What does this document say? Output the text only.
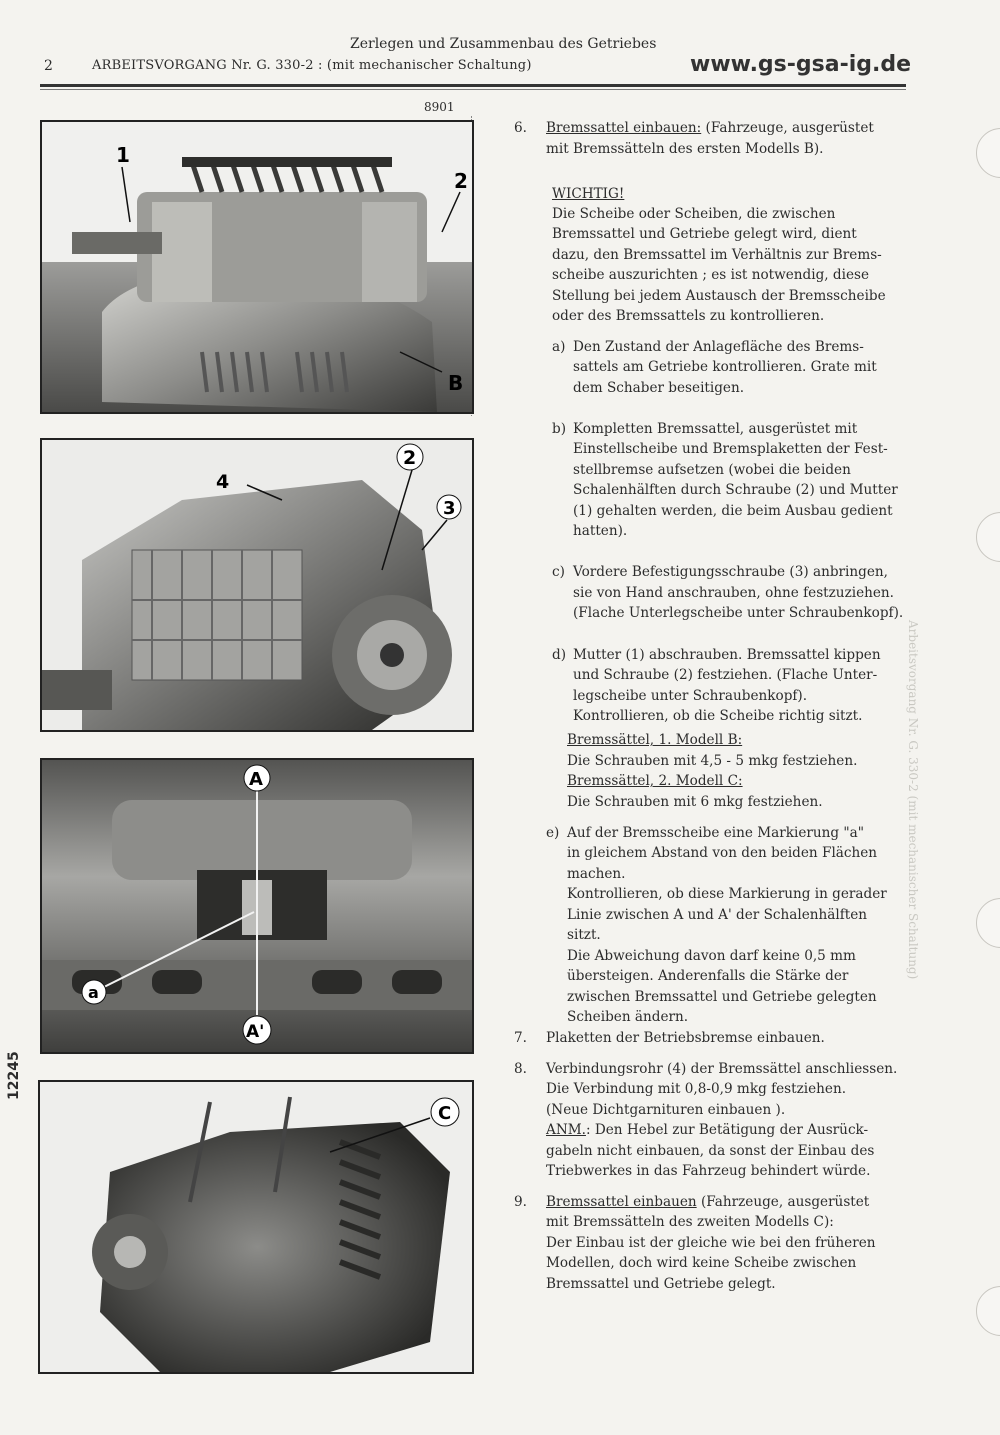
Zerlegen und Zusammenbau des Getriebes
2	ARBEITSVORGANG Nr. G. 330-2 : (mit mechanischer Schaltung)	www.gs-gsa-ig.de
8901
12245
Arbeitsvorgang Nr. G. 330-2 (mit mechanischer Schaltung)
1
2
B
2
3
4
A
A'
a
C
6. Bremssattel einbauen: (Fahrzeuge, ausgerüstet
mit Bremssätteln des ersten Modells B).
WICHTIG!
Die Scheibe oder Scheiben, die zwischen
Bremssattel und Getriebe gelegt wird, dient
dazu, den Bremssattel im Verhältnis zur Brems-
scheibe auszurichten ; es ist notwendig, diese
Stellung bei jedem Austausch der Bremsscheibe
oder des Bremssattels zu kontrollieren.
a) Den Zustand der Anlagefläche des Brems-
sattels am Getriebe kontrollieren. Grate mit
dem Schaber beseitigen.
b) Kompletten Bremssattel, ausgerüstet mit
Einstellscheibe und Bremsplaketten der Fest-
stellbremse aufsetzen (wobei die beiden
Schalenhälften durch Schraube (2) und Mutter
(1) gehalten werden, die beim Ausbau gedient
hatten).
c) Vordere Befestigungsschraube (3) anbringen,
sie von Hand anschrauben, ohne festzuziehen.
(Flache Unterlegscheibe unter Schraubenkopf).
d) Mutter (1) abschrauben. Bremssattel kippen
und Schraube (2) festziehen. (Flache Unter-
legscheibe unter Schraubenkopf).
Kontrollieren, ob die Scheibe richtig sitzt.
Bremssättel, 1. Modell B:
Die Schrauben mit 4,5 - 5 mkg festziehen.
Bremssättel, 2. Modell C:
Die Schrauben mit 6 mkg festziehen.
e) Auf der Bremsscheibe eine Markierung "a"
in gleichem Abstand von den beiden Flächen
machen.
Kontrollieren, ob diese Markierung in gerader
Linie zwischen A und A' der Schalenhälften
sitzt.
Die Abweichung davon darf keine 0,5 mm
übersteigen. Anderenfalls die Stärke der
zwischen Bremssattel und Getriebe gelegten
Scheiben ändern.
7. Plaketten der Betriebsbremse einbauen.
8. Verbindungsrohr (4) der Bremssättel anschliessen.
Die Verbindung mit 0,8-0,9 mkg festziehen.
(Neue Dichtgarnituren einbauen ).
ANM.: Den Hebel zur Betätigung der Ausrück-
gabeln nicht einbauen, da sonst der Einbau des
Triebwerkes in das Fahrzeug behindert würde.
9. Bremssattel einbauen (Fahrzeuge, ausgerüstet
mit Bremssätteln des zweiten Modells C):
Der Einbau ist der gleiche wie bei den früheren
Modellen, doch wird keine Scheibe zwischen
Bremssattel und Getriebe gelegt.
